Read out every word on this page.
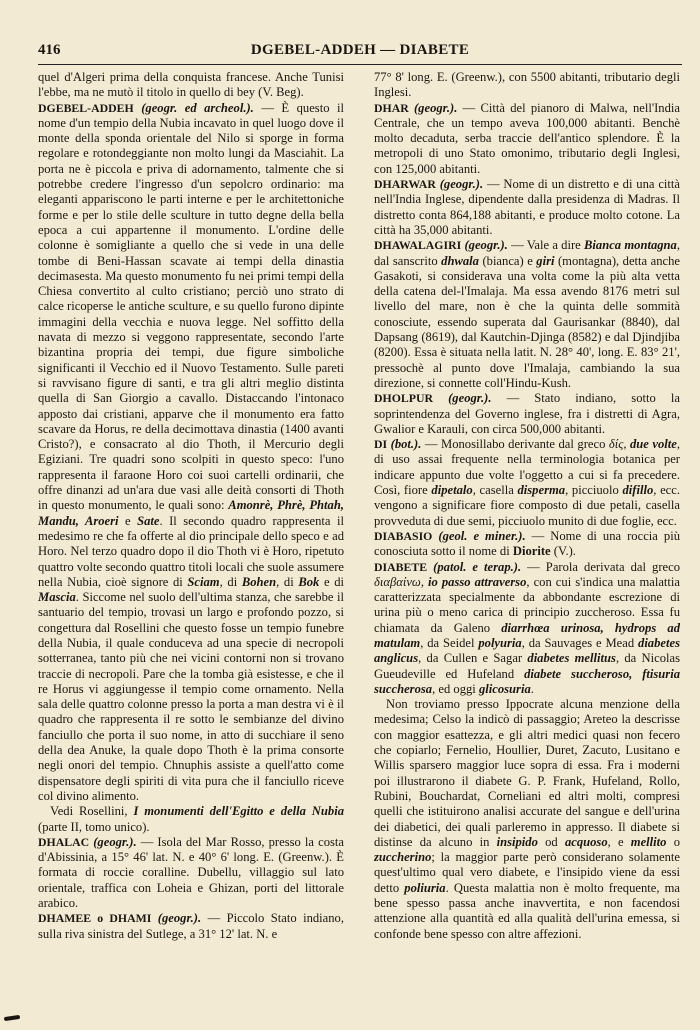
416	DGEBEL-ADDEH — DIABETE

quel d'Algeri prima della conquista francese. Anche Tunisi l'ebbe, ma ne mutò il titolo in quello di bey (V. Beg).

DGEBEL-ADDEH (geogr. ed archeol.). — È questo il nome d'un tempio della Nubia incavato in quel luogo dove il monte della sponda orientale del Nilo si sporge in forma regolare e rotondeggiante non molto lungi da Masciahit. La porta ne è piccola e priva di adornamento, talmente che si potrebbe credere l'ingresso d'un sepolcro ordinario: ma eleganti appariscono le parti interne e per le architettoniche forme e per lo stile delle sculture in tutto degne della bella epoca a cui appartenne il monumento. L'ordine delle colonne è somigliante a quello che si vede in una delle tombe di Beni-Hassan scavate ai tempi della dinastia decimasesta. Ma questo monumento fu nei primi tempi della Chiesa convertito al culto cristiano; perciò uno strato di calce ricoperse le antiche sculture, e su quello furono dipinte immagini della vecchia e nuova legge. Nel soffitto della navata di mezzo si veggono rappresentate, secondo l'arte bizantina propria dei tempi, due figure simboliche significanti il Vecchio ed il Nuovo Testamento. Sulle pareti si ravvisano figure di santi, e tra gli altri meglio distinta quella di San Giorgio a cavallo. Distaccando l'intonaco apposto dai cristiani, apparve che il monumento era fatto scavare da Horus, re della decimottava dinastia (1400 avanti Cristo?), e consacrato al dio Thoth, il Mercurio degli Egiziani. Tre quadri sono scolpiti in questo speco: l'uno rappresenta il faraone Horo coi suoi cartelli ordinarii, che offre dinanzi ad un'ara due vasi alle deità consorti di Thoth in questo monumento, le quali sono: Amonrè, Phrè, Phtah, Mandu, Aroeri e Sate. Il secondo quadro rappresenta il medesimo re che fa offerte al dio principale dello speco e ad Horo. Nel terzo quadro dopo il dio Thoth vi è Horo, ripetuto quattro volte secondo quattro titoli locali che suole assumere nella Nubia, cioè signore di Sciam, di Bohen, di Bok e di Mascia. Siccome nel suolo dell'ultima stanza, che sarebbe il santuario del tempio, trovasi un largo e profondo pozzo, si congettura dal Rosellini che questo fosse un tempio funebre della Nubia, il quale conduceva ad una specie di necropoli sotterranea, tanto più che nei vicini contorni non si trovano traccie di necropoli. Pare che la tomba già esistesse, e che il re Horus vi aggiungesse il tempio come ornamento. Nella sala delle quattro colonne presso la porta a man destra vi è il quadro che rappresenta il re sotto le sembianze del divino fanciullo che porta il suo nome, in atto di succhiare il seno della dea Anuke, la quale dopo Thoth è la prima consorte negli onori del tempio. Chnuphis assiste a quell'atto come dispensatore degli spiriti di vita pura che il fanciullo riceve col divino alimento.

Vedi Rosellini, I monumenti dell'Egitto e della Nubia (parte II, tomo unico).

DHALAC (geogr.). — Isola del Mar Rosso, presso la costa d'Abissinia, a 15° 46' lat. N. e 40° 6' long. E. (Greenw.). È formata di roccie coralline. Dubellu, villaggio sul lato orientale, traffica con Loheia e Ghizan, porti del littorale arabico.

DHAMEE o DHAMI (geogr.). — Piccolo Stato indiano, sulla riva sinistra del Sutlege, a 31° 12' lat. N. e

77° 8' long. E. (Greenw.), con 5500 abitanti, tributario degli Inglesi.

DHAR (geogr.). — Città del pianoro di Malwa, nell'India Centrale, che un tempo aveva 100,000 abitanti. Benchè molto decaduta, serba traccie dell'antico splendore. È la metropoli di uno Stato omonimo, tributario degli Inglesi, con 125,000 abitanti.

DHARWAR (geogr.). — Nome di un distretto e di una città nell'India Inglese, dipendente dalla presidenza di Madras. Il distretto conta 864,188 abitanti, e produce molto cotone. La città ha 35,000 abitanti.

DHAWALAGIRI (geogr.). — Vale a dire Bianca montagna, dal sanscrito dhwala (bianca) e giri (montagna), detta anche Gasakoti, si considerava una volta come la più alta vetta della catena del-l'Imalaja. Ma essa avendo 8176 metri sul livello del mare, non è che la quinta delle sommità conosciute, essendo superata dal Gaurisankar (8840), dal Dapsang (8619), dal Kautchin-Djinga (8582) e dal Djindjiba (8200). Essa è situata nella latit. N. 28° 40', long. E. 83° 21', pressochè al punto dove l'Imalaja, cambiando la sua direzione, si connette coll'Hindu-Kush.

DHOLPUR (geogr.). — Stato indiano, sotto la soprintendenza del Governo inglese, fra i distretti di Agra, Gwalior e Karauli, con circa 500,000 abitanti.

DI (bot.). — Monosillabo derivante dal greco δίς, due volte, di uso assai frequente nella terminologia botanica per indicare appunto due volte l'oggetto a cui si fa precedere. Così, fiore dipetalo, casella disperma, picciuolo difillo, ecc. vengono a significare fiore composto di due petali, casella provveduta di due semi, picciuolo munito di due foglie, ecc.

DIABASIO (geol. e miner.). — Nome di una roccia più conosciuta sotto il nome di Diorite (V.).

DIABETE (patol. e terap.). — Parola derivata dal greco διαβαίνω, io passo attraverso, con cui s'indica una malattia caratterizzata specialmente da abbondante escrezione di urina più o meno carica di principio zuccheroso. Essa fu chiamata da Galeno diarrhœa urinosa, hydrops ad matulam, da Seidel polyuria, da Sauvages e Mead diabetes anglicus, da Cullen e Sagar diabetes mellitus, da Nicolas Gueudeville ed Hufeland diabete succheroso, ftisuria succherosa, ed oggi glicosuria.

Non troviamo presso Ippocrate alcuna menzione della medesima; Celso la indicò di passaggio; Areteo la descrisse con maggior esattezza, e gli altri medici quasi non fecero che copiarlo; Fernelio, Houllier, Duret, Zacuto, Lusitano e Willis sparsero maggior luce sopra di essa. Fra i moderni poi illustrarono il diabete G. P. Frank, Hufeland, Rollo, Rubini, Bouchardat, Corneliani ed altri molti, compresi quelli che istituirono analisi accurate del sangue e dell'urina dei diabetici, dei quali parleremo in appresso. Il diabete si distinse da alcuno in insipido od acquoso, e mellito o zuccherino; la maggior parte però considerano solamente quest'ultimo qual vero diabete, e l'insipido viene da essi detto poliuria. Questa malattia non è molto frequente, ma bene spesso passa anche inavvertita, e non facendosi attenzione alla quantità ed alla qualità dell'urina emessa, si confonde bene spesso con altre affezioni.
